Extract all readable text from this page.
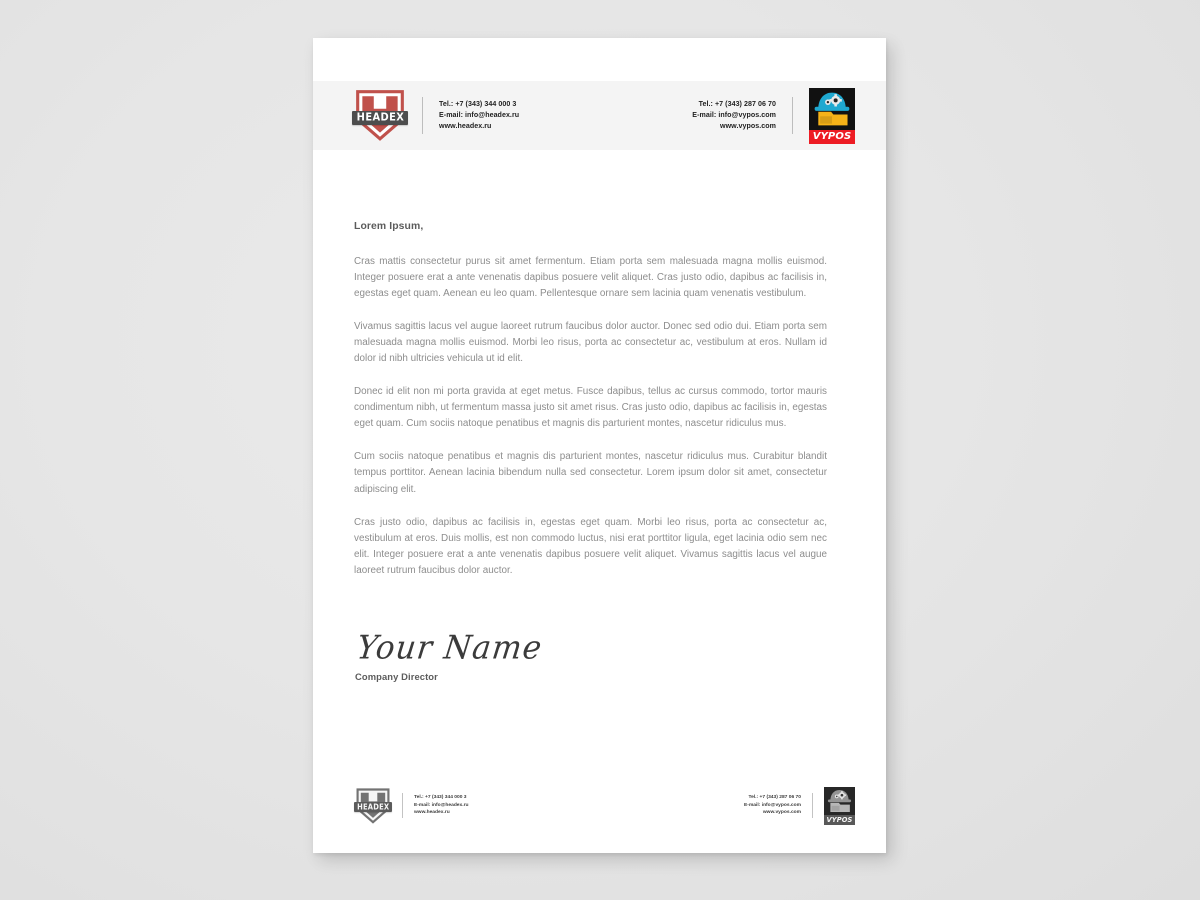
HEADEX
Tel.: +7 (343) 344 000 3
E-mail: info@headex.ru
www.headex.ru
Tel.: +7 (343) 287 06 70
E-mail: info@vypos.com
www.vypos.com
VYPOS
Lorem Ipsum,

Cras mattis consectetur purus sit amet fermentum. Etiam porta sem malesuada magna mollis euismod. Integer posuere erat a ante venenatis dapibus posuere velit aliquet. Cras justo odio, dapibus ac facilisis in, egestas eget quam. Aenean eu leo quam. Pellentesque ornare sem lacinia quam venenatis vestibulum.

Vivamus sagittis lacus vel augue laoreet rutrum faucibus dolor auctor. Donec sed odio dui. Etiam porta sem malesuada magna mollis euismod. Morbi leo risus, porta ac consectetur ac, vestibulum at eros. Nullam id dolor id nibh ultricies vehicula ut id elit.

Donec id elit non mi porta gravida at eget metus. Fusce dapibus, tellus ac cursus commodo, tortor mauris condimentum nibh, ut fermentum massa justo sit amet risus. Cras justo odio, dapibus ac facilisis in, egestas eget quam. Cum sociis natoque penatibus et magnis dis parturient montes, nascetur ridiculus mus.

Cum sociis natoque penatibus et magnis dis parturient montes, nascetur ridiculus mus. Curabitur blandit tempus porttitor. Aenean lacinia bibendum nulla sed consectetur. Lorem ipsum dolor sit amet, consectetur adipiscing elit.

Cras justo odio, dapibus ac facilisis in, egestas eget quam. Morbi leo risus, porta ac consectetur ac, vestibulum at eros. Duis mollis, est non commodo luctus, nisi erat porttitor ligula, eget lacinia odio sem nec elit. Integer posuere erat a ante venenatis dapibus posuere velit aliquet. Vivamus sagittis lacus vel augue laoreet rutrum faucibus dolor auctor.

Your Name
Company Director
HEADEX
Tel.: +7 (343) 344 000 3
E-mail: info@headex.ru
www.headex.ru
Tel.: +7 (343) 287 06 70
E-mail: info@vypos.com
www.vypos.com
VYPOS
